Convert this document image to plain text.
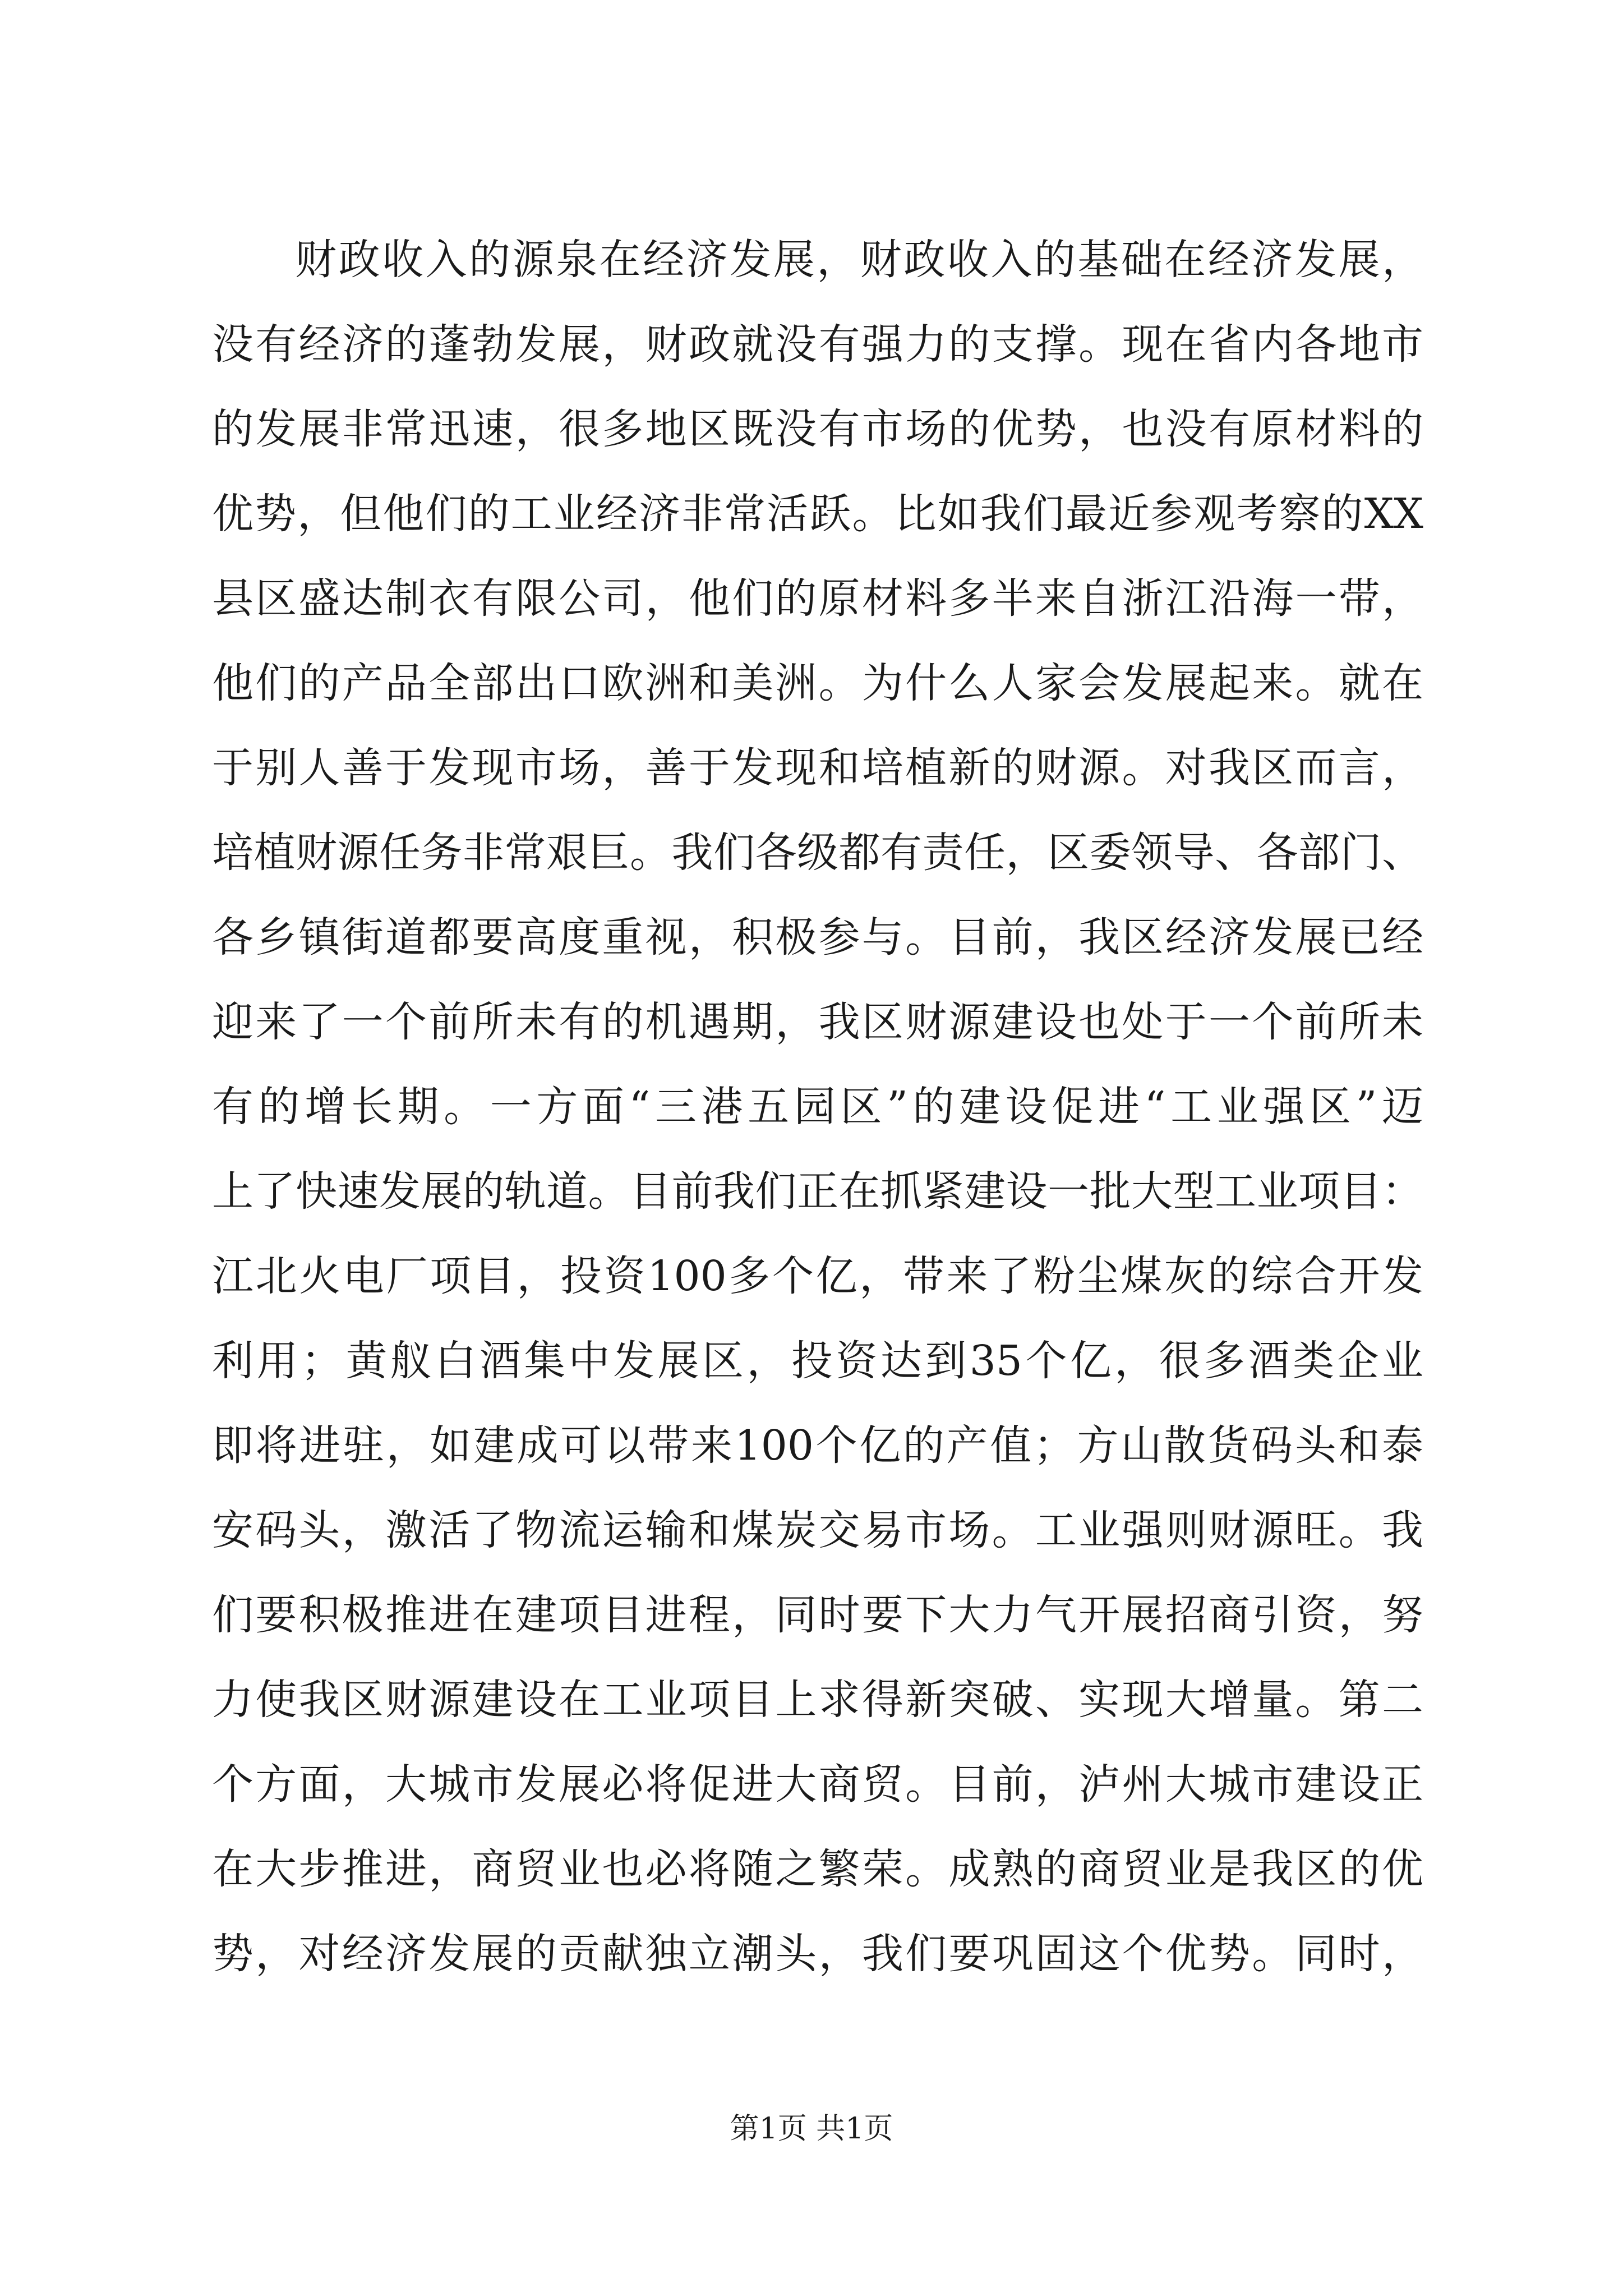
财政收入的源泉在经济发展，财政收入的基础在经济发展，
没有经济的蓬勃发展，财政就没有强力的支撑。现在省内各地市
的发展非常迅速，很多地区既没有市场的优势，也没有原材料的
优势，但他们的工业经济非常活跃。比如我们最近参观考察的XX
县区盛达制衣有限公司，他们的原材料多半来自浙江沿海一带，
他们的产品全部出口欧洲和美洲。为什么人家会发展起来。就在
于别人善于发现市场，善于发现和培植新的财源。对我区而言，
培植财源任务非常艰巨。我们各级都有责任，区委领导、各部门、
各乡镇街道都要高度重视，积极参与。目前，我区经济发展已经
迎来了一个前所未有的机遇期，我区财源建设也处于一个前所未
有的增长期。一方面“三港五园区”的建设促进“工业强区”迈
上了快速发展的轨道。目前我们正在抓紧建设一批大型工业项目：
江北火电厂项目，投资100多个亿，带来了粉尘煤灰的综合开发
利用；黄舣白酒集中发展区，投资达到35个亿，很多酒类企业
即将进驻，如建成可以带来100个亿的产值；方山散货码头和泰
安码头，激活了物流运输和煤炭交易市场。工业强则财源旺。我
们要积极推进在建项目进程，同时要下大力气开展招商引资，努
力使我区财源建设在工业项目上求得新突破、实现大增量。第二
个方面，大城市发展必将促进大商贸。目前，泸州大城市建设正
在大步推进，商贸业也必将随之繁荣。成熟的商贸业是我区的优
势，对经济发展的贡献独立潮头，我们要巩固这个优势。同时，
第1页 共1页
